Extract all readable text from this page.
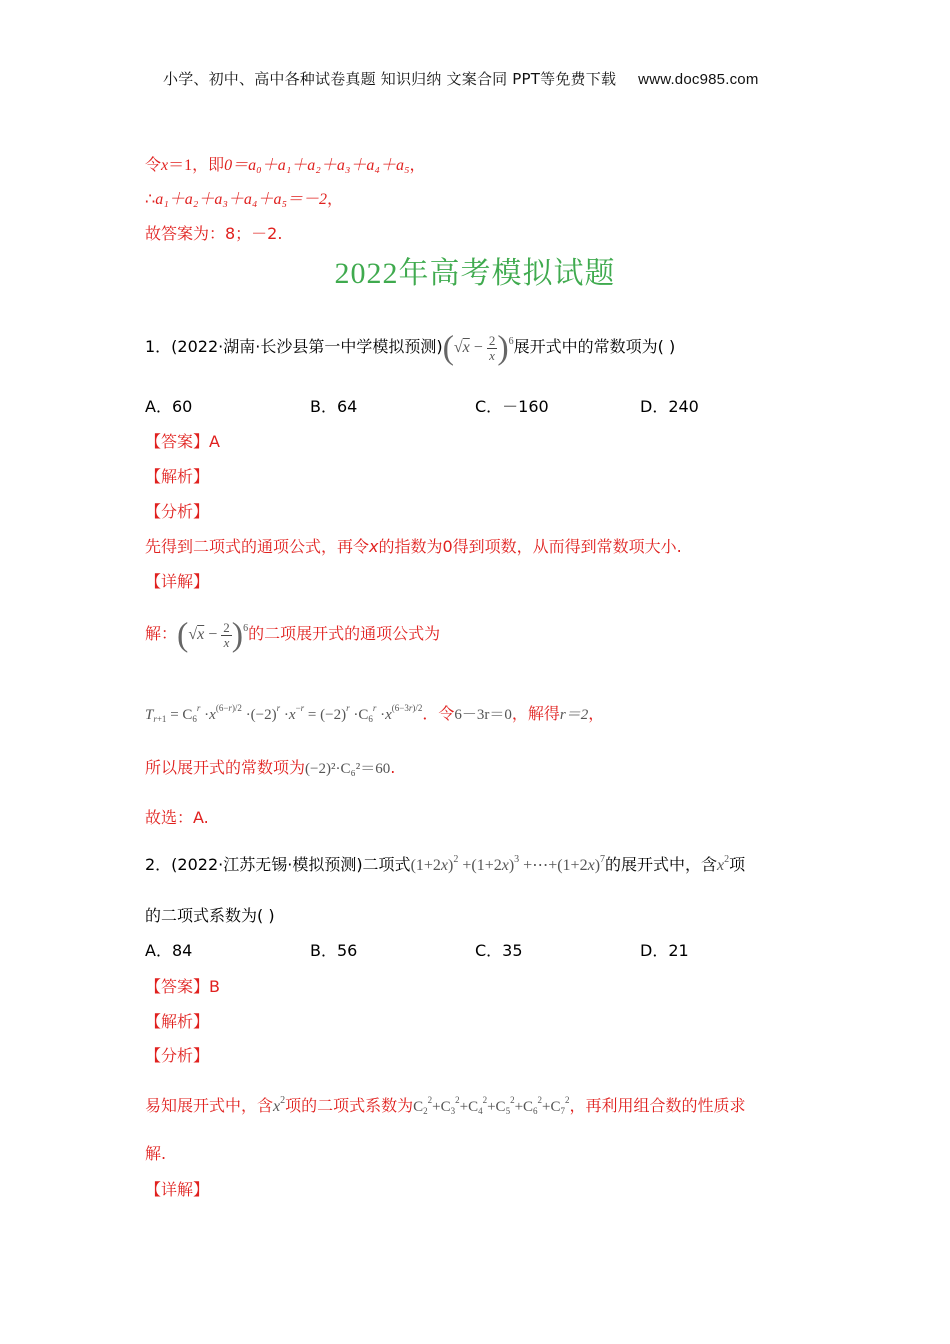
小学、初中、高中各种试卷真题 知识归纳 文案合同 PPT等免费下载 www.doc985.com
令x＝1，即0＝a₀＋a₁＋a₂＋a₃＋a₄＋a₅，
∴a₁＋a₂＋a₃＋a₄＋a₅＝－2，
故答案为：8；－2.
2022年高考模拟试题
1．(2022·湖南·长沙县第一中学模拟预测)$(√x - \frac{2}{x} )^6$展开式中的常数项为( )
A．60	B．64	C．－160	D．240
【答案】A
【解析】
【分析】
先得到二项式的通项公式，再令x的指数为0得到项数，从而得到常数项大小.
【详解】
解：$(√x - \frac{2}{x} )^6$的二项展开式的通项公式为
$T_{r+1} = C_6^r \cdot x^{(6-r)/2} \cdot(-2)^r \cdot x^{-r} = (-2)^r \cdot C_6^r \cdot x^{(6-3r)/2}$．令6－3r＝0，解得r＝2，
所以展开式的常数项为(−2)²·C₆²＝60.
故选：A.
2．(2022·江苏无锡·模拟预测)二项式$(1+2x)^2 +(1+2x)^3$ $+\cdots+(1+2x)^7$的展开式中，含$x^2$项
的二项式系数为( )
A．84	B．56	C．35	D．21
【答案】B
【解析】
【分析】
易知展开式中，含$x^2$项的二项式系数为$C_2^2+C_3^2+C_4^2+C_5^2+C_6^2+C_7^2$，再利用组合数的性质求
解.
【详解】
